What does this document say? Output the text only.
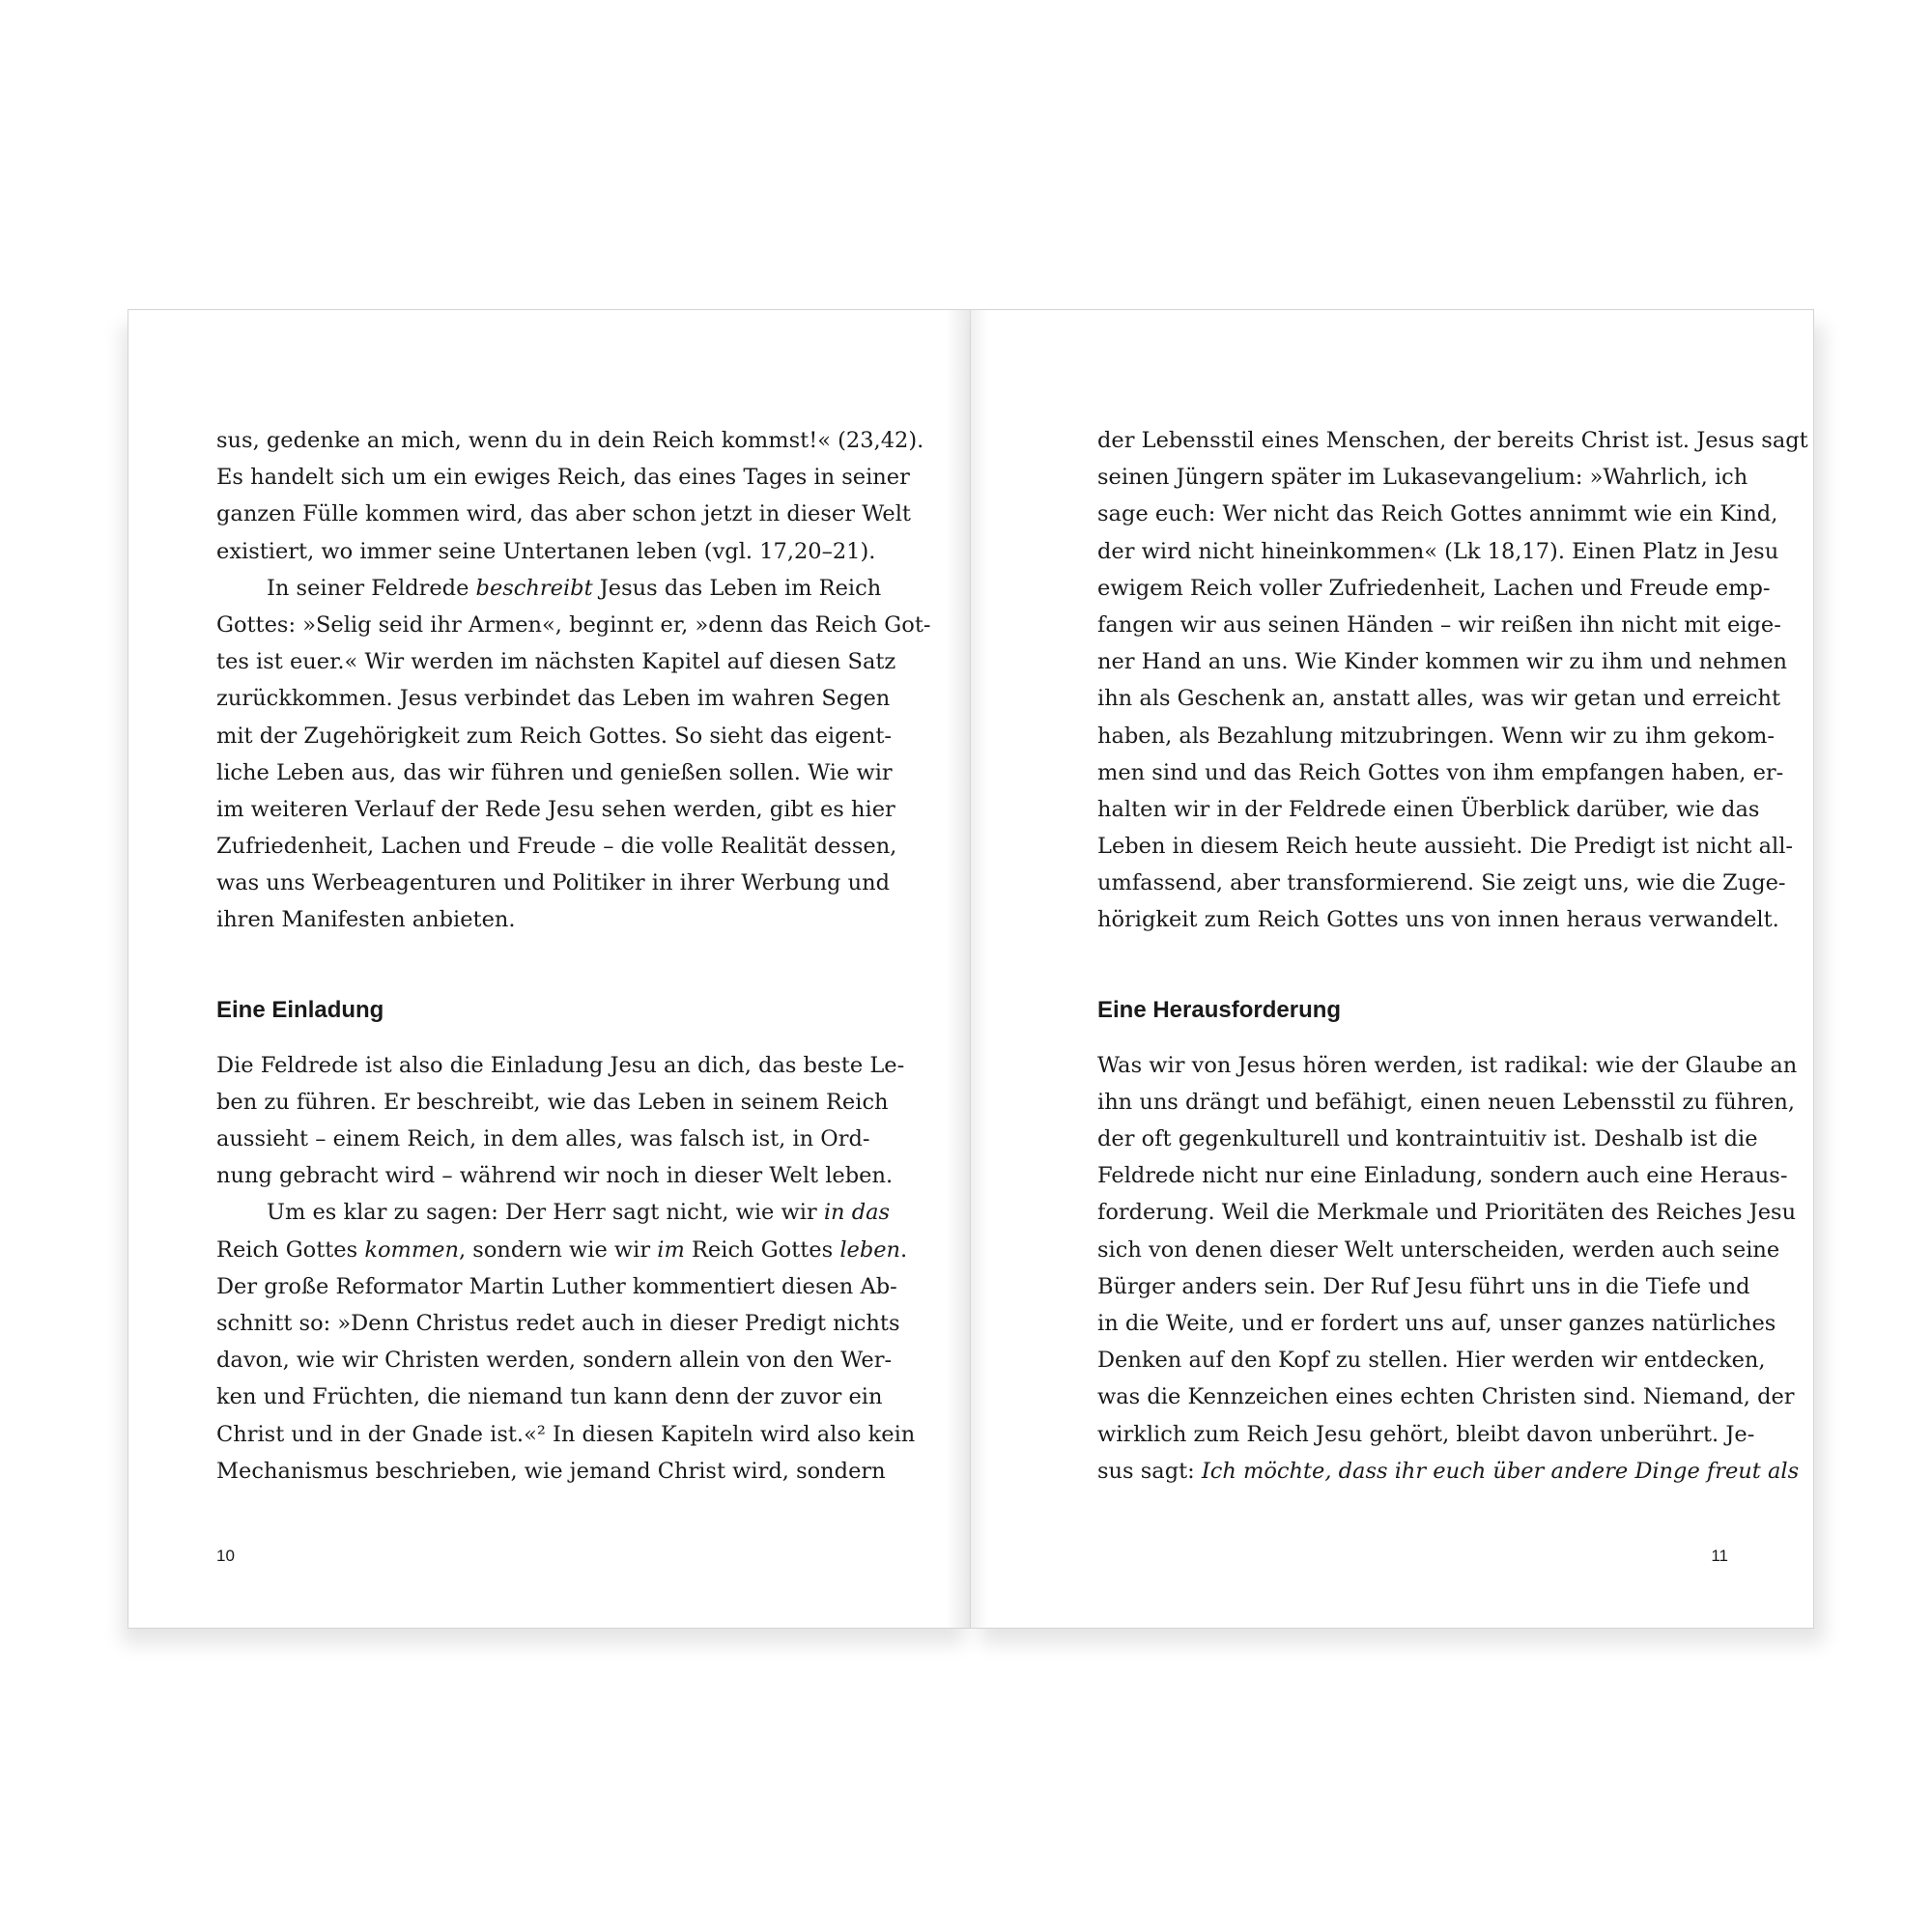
sus, gedenke an mich, wenn du in dein Reich kommst!« (23,42).
Es handelt sich um ein ewiges Reich, das eines Tages in seiner
ganzen Fülle kommen wird, das aber schon jetzt in dieser Welt
existiert, wo immer seine Untertanen leben (vgl. 17,20–21).
In seiner Feldrede beschreibt Jesus das Leben im Reich
Gottes: »Selig seid ihr Armen«, beginnt er, »denn das Reich Got-
tes ist euer.« Wir werden im nächsten Kapitel auf diesen Satz
zurückkommen. Jesus verbindet das Leben im wahren Segen
mit der Zugehörigkeit zum Reich Gottes. So sieht das eigent-
liche Leben aus, das wir führen und genießen sollen. Wie wir
im weiteren Verlauf der Rede Jesu sehen werden, gibt es hier
Zufriedenheit, Lachen und Freude – die volle Realität dessen,
was uns Werbeagenturen und Politiker in ihrer Werbung und
ihren Manifesten anbieten.
Eine Einladung
Die Feldrede ist also die Einladung Jesu an dich, das beste Le-
ben zu führen. Er beschreibt, wie das Leben in seinem Reich
aussieht – einem Reich, in dem alles, was falsch ist, in Ord-
nung gebracht wird – während wir noch in dieser Welt leben.
Um es klar zu sagen: Der Herr sagt nicht, wie wir in das
Reich Gottes kommen, sondern wie wir im Reich Gottes leben.
Der große Reformator Martin Luther kommentiert diesen Ab-
schnitt so: »Denn Christus redet auch in dieser Predigt nichts
davon, wie wir Christen werden, sondern allein von den Wer-
ken und Früchten, die niemand tun kann denn der zuvor ein
Christ und in der Gnade ist.«² In diesen Kapiteln wird also kein
Mechanismus beschrieben, wie jemand Christ wird, sondern
10
der Lebensstil eines Menschen, der bereits Christ ist. Jesus sagt
seinen Jüngern später im Lukasevangelium: »Wahrlich, ich
sage euch: Wer nicht das Reich Gottes annimmt wie ein Kind,
der wird nicht hineinkommen« (Lk 18,17). Einen Platz in Jesu
ewigem Reich voller Zufriedenheit, Lachen und Freude emp-
fangen wir aus seinen Händen – wir reißen ihn nicht mit eige-
ner Hand an uns. Wie Kinder kommen wir zu ihm und nehmen
ihn als Geschenk an, anstatt alles, was wir getan und erreicht
haben, als Bezahlung mitzubringen. Wenn wir zu ihm gekom-
men sind und das Reich Gottes von ihm empfangen haben, er-
halten wir in der Feldrede einen Überblick darüber, wie das
Leben in diesem Reich heute aussieht. Die Predigt ist nicht all-
umfassend, aber transformierend. Sie zeigt uns, wie die Zuge-
hörigkeit zum Reich Gottes uns von innen heraus verwandelt.
Eine Herausforderung
Was wir von Jesus hören werden, ist radikal: wie der Glaube an
ihn uns drängt und befähigt, einen neuen Lebensstil zu führen,
der oft gegenkulturell und kontraintuitiv ist. Deshalb ist die
Feldrede nicht nur eine Einladung, sondern auch eine Heraus-
forderung. Weil die Merkmale und Prioritäten des Reiches Jesu
sich von denen dieser Welt unterscheiden, werden auch seine
Bürger anders sein. Der Ruf Jesu führt uns in die Tiefe und
in die Weite, und er fordert uns auf, unser ganzes natürliches
Denken auf den Kopf zu stellen. Hier werden wir entdecken,
was die Kennzeichen eines echten Christen sind. Niemand, der
wirklich zum Reich Jesu gehört, bleibt davon unberührt. Je-
sus sagt: Ich möchte, dass ihr euch über andere Dinge freut als
11
